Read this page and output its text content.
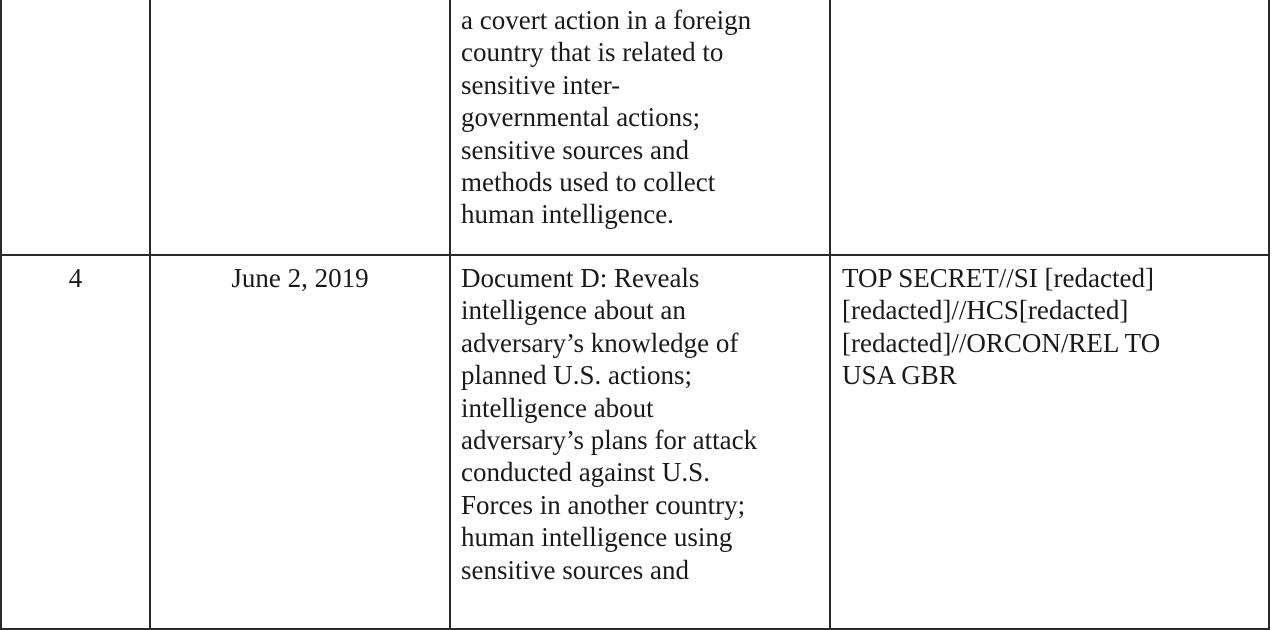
a covert action in a foreign
country that is related to
sensitive inter-
governmental actions;
sensitive sources and
methods used to collect
human intelligence.

4	June 2, 2019	Document D: Reveals
intelligence about an
adversary’s knowledge of
planned U.S. actions;
intelligence about
adversary’s plans for attack
conducted against U.S.
Forces in another country;
human intelligence using
sensitive sources and

TOP SECRET//SI [redacted]
[redacted]//HCS[redacted]
[redacted]//ORCON/REL TO
USA GBR
